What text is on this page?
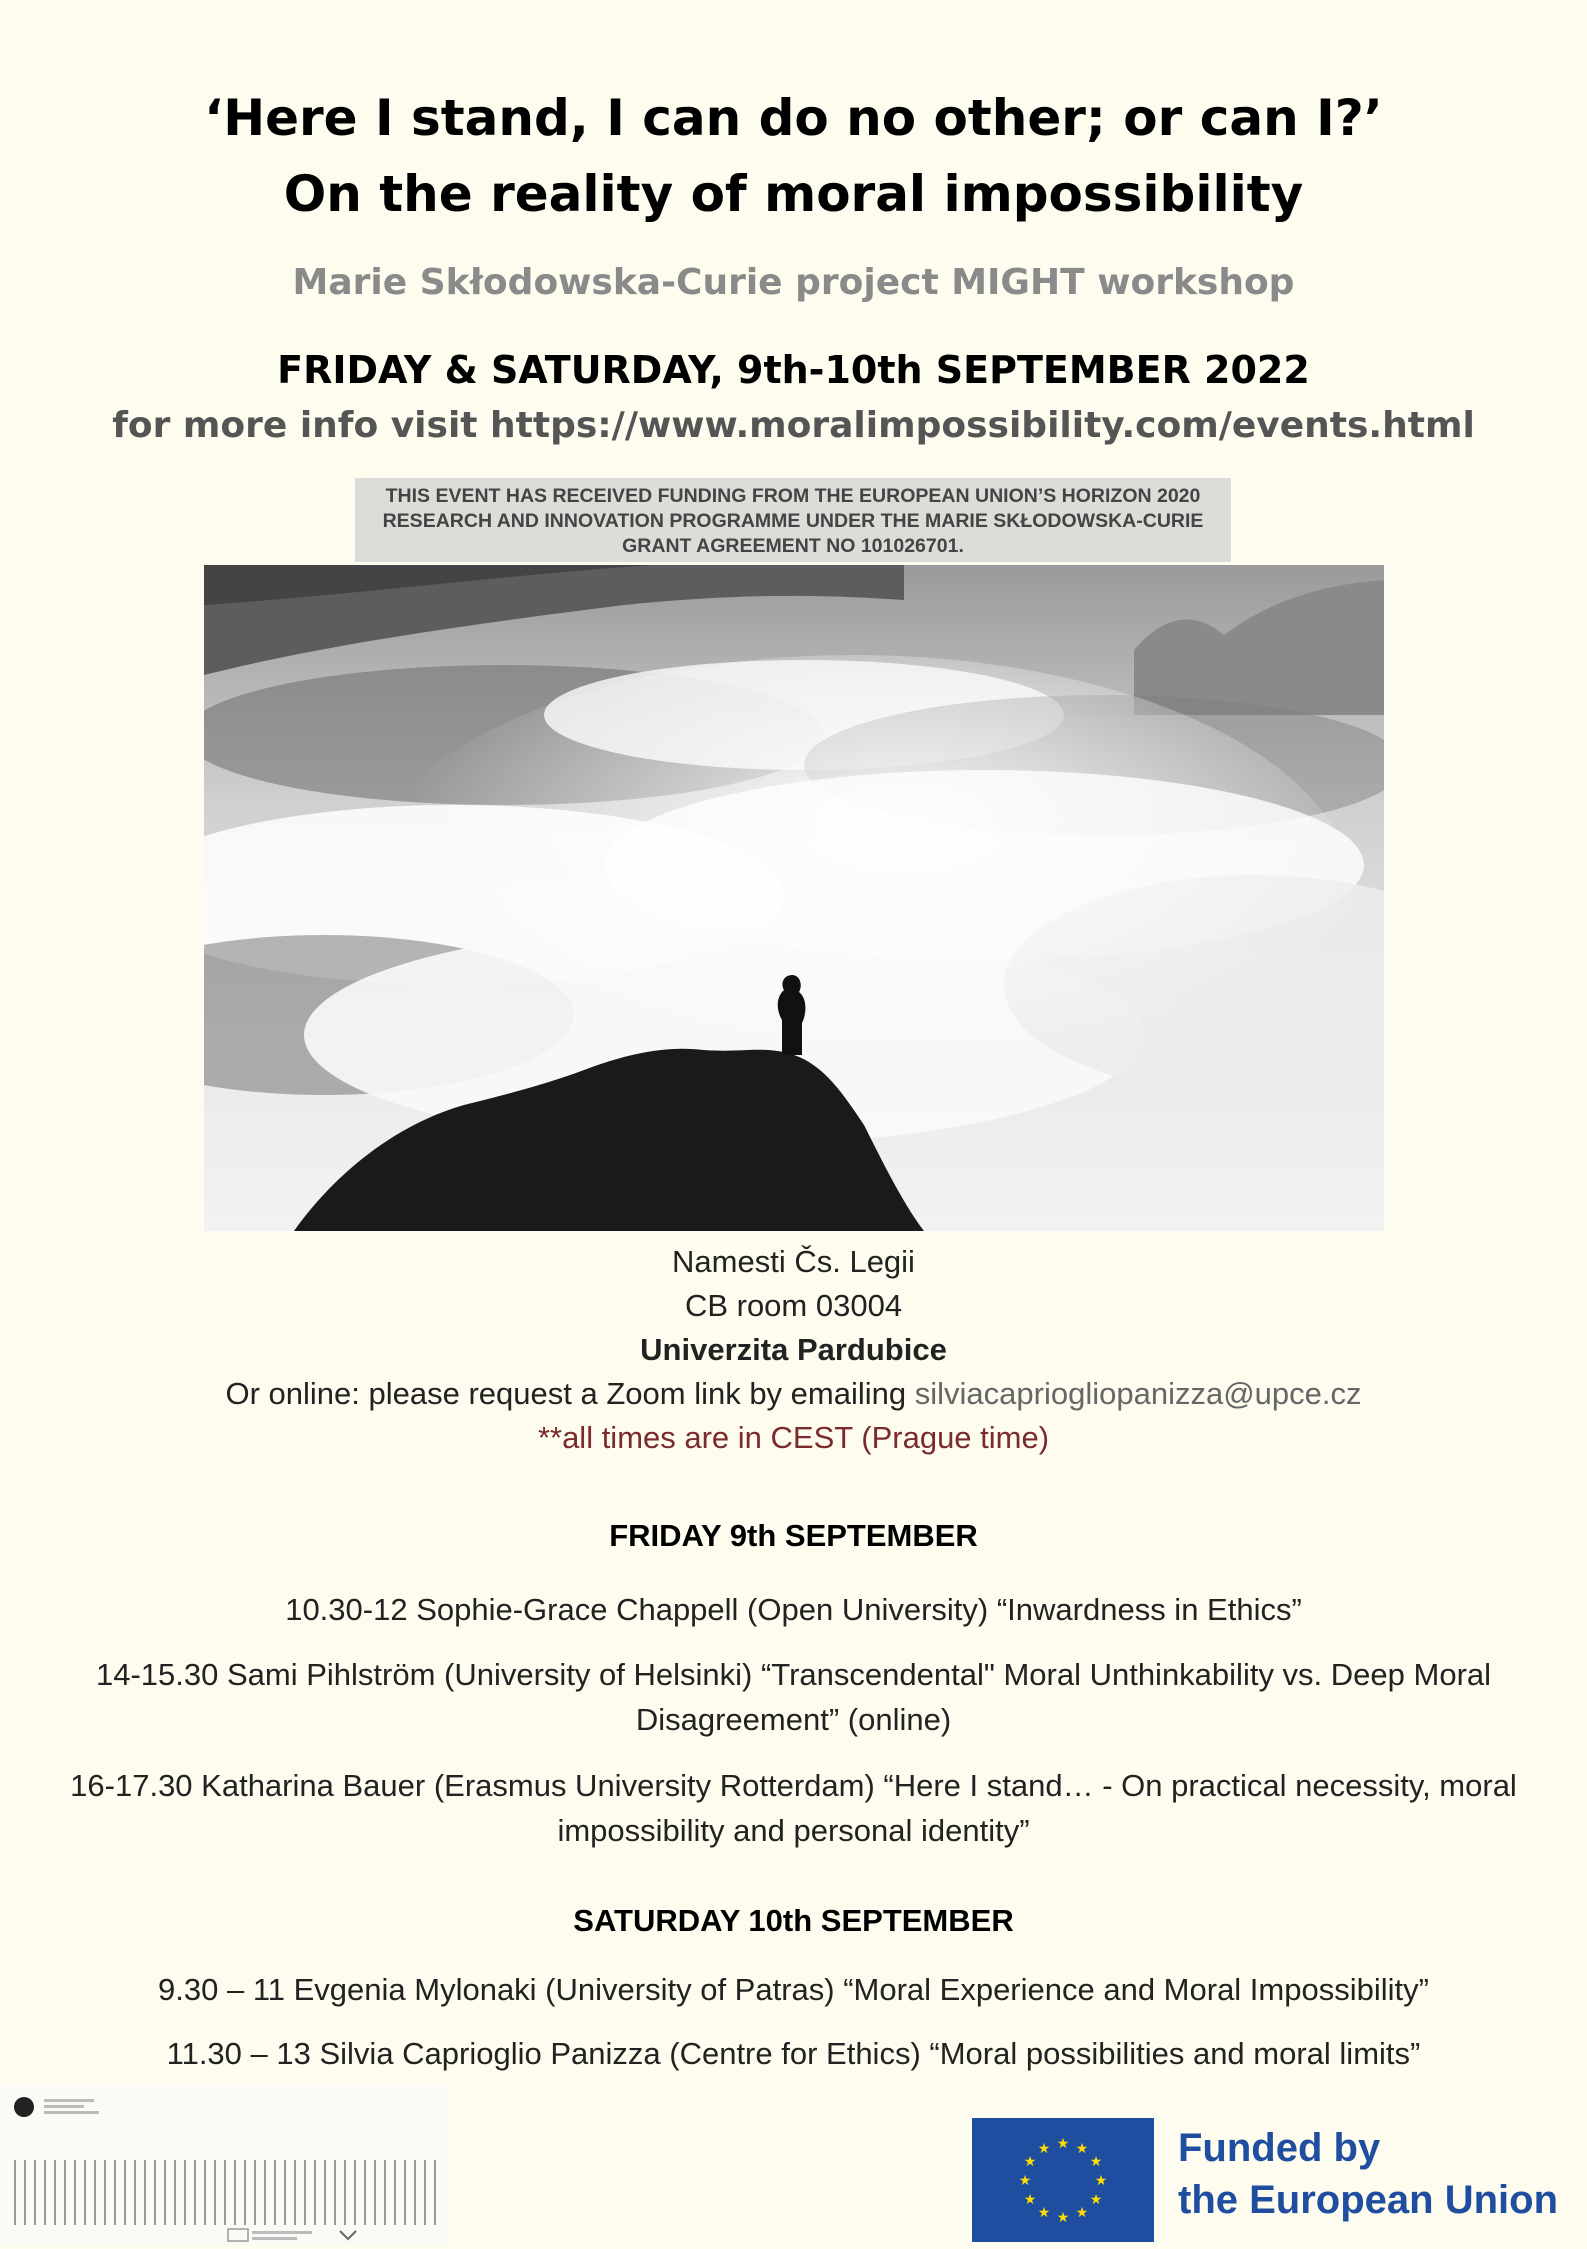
‘Here I stand, I can do no other; or can I?’
On the reality of moral impossibility
Marie Skłodowska-Curie project MIGHT workshop
FRIDAY & SATURDAY, 9th-10th SEPTEMBER 2022
for more info visit https://www.moralimpossibility.com/events.html
THIS EVENT HAS RECEIVED FUNDING FROM THE EUROPEAN UNION’S HORIZON 2020
RESEARCH AND INNOVATION PROGRAMME UNDER THE MARIE SKŁODOWSKA-CURIE
GRANT AGREEMENT NO 101026701.
Namesti Čs. Legii
CB room 03004
Univerzita Pardubice
Or online: please request a Zoom link by emailing silviacapriogliopanizza@upce.cz
**all times are in CEST (Prague time)
FRIDAY 9th SEPTEMBER
10.30-12 Sophie-Grace Chappell (Open University) “Inwardness in Ethics”
14-15.30 Sami Pihlström (University of Helsinki) “Transcendental" Moral Unthinkability vs. Deep Moral Disagreement” (online)
16-17.30 Katharina Bauer (Erasmus University Rotterdam) “Here I stand… - On practical necessity, moral impossibility and personal identity”
SATURDAY 10th SEPTEMBER
9.30 – 11 Evgenia Mylonaki (University of Patras) “Moral Experience and Moral Impossibility”
11.30 – 13 Silvia Caprioglio Panizza (Centre for Ethics) “Moral possibilities and moral limits”
★ ★
★
★
★
★
★
★
★
★
★
★	Funded by
the European Union
